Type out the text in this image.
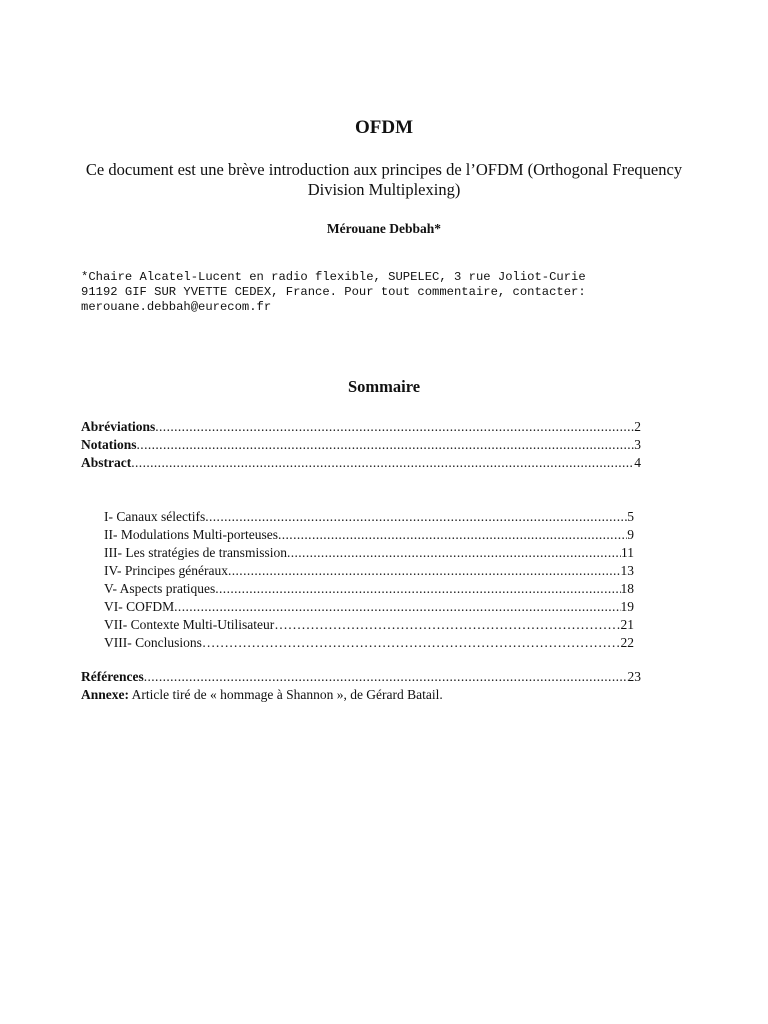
OFDM
Ce document est une brève introduction aux principes de l’OFDM (Orthogonal Frequency Division Multiplexing)
Mérouane Debbah*
*Chaire Alcatel-Lucent en radio flexible, SUPELEC, 3 rue Joliot-Curie
91192 GIF SUR YVETTE CEDEX, France. Pour tout commentaire, contacter:
merouane.debbah@eurecom.fr
Sommaire
Abréviations .....	2
Notations .....	3
Abstract .....	4
I- Canaux sélectifs .....	5
II- Modulations Multi-porteuses .....	9
III- Les stratégies de transmission .....	11
IV- Principes généraux .....	13
V- Aspects pratiques .....	18
VI- COFDM .....	19
VII- Contexte Multi-Utilisateur ………………………………………………………………………………………………………………………………………………………………………………………………………………………………………………	21
VIII- Conclusions ………………………………………………………………………………………………………………………………………………………………………………………………………………………………………………	22
Références .....	23
Annexe: Article tiré de « hommage à Shannon », de Gérard Batail.
